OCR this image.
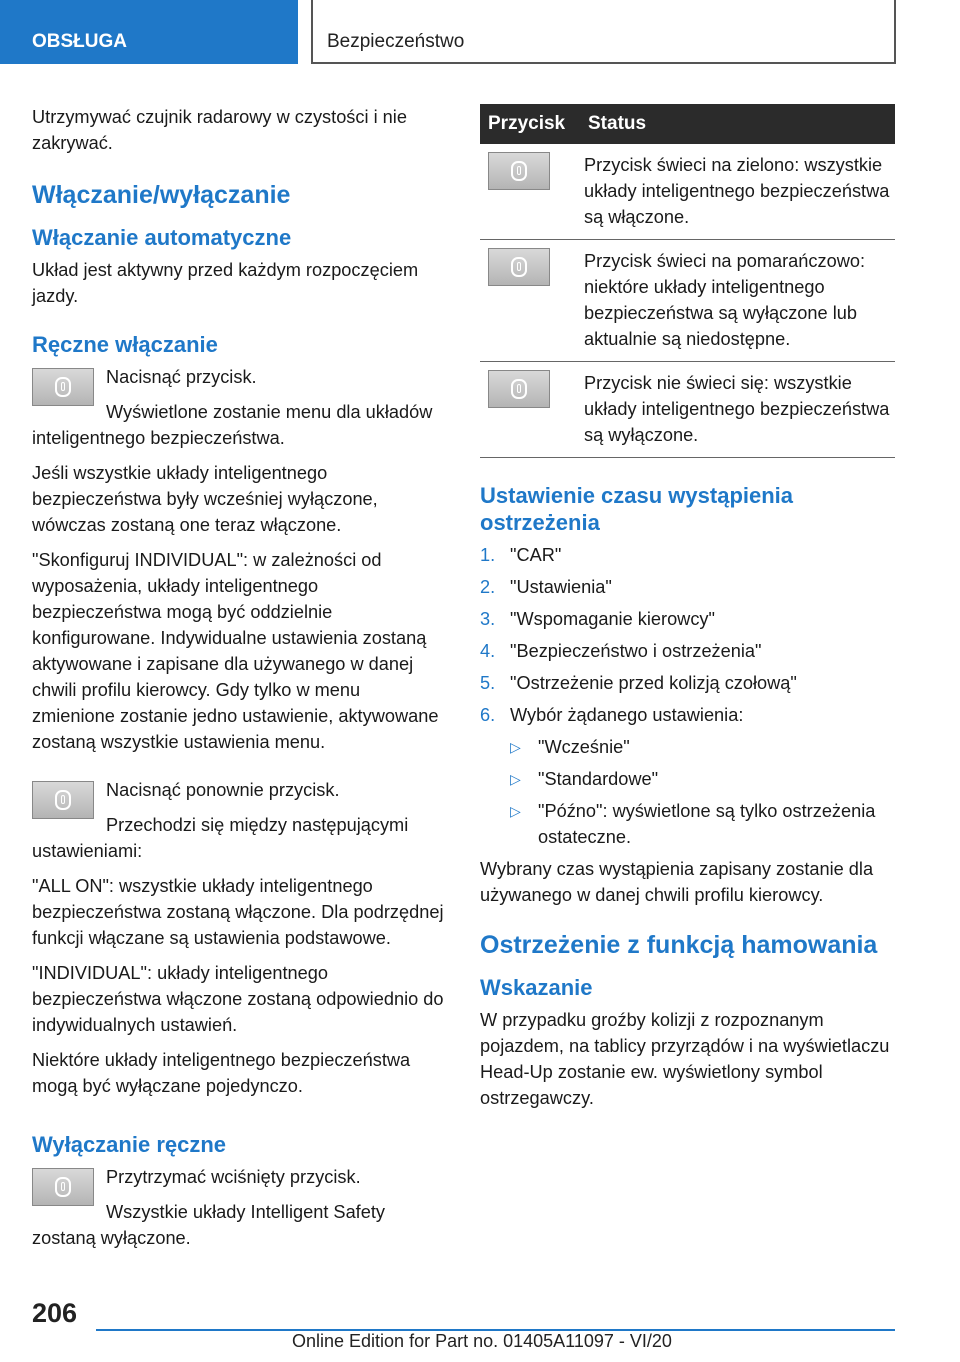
OBSŁUGA	Bezpieczeństwo

Utrzymywać czujnik radarowy w czystości i nie zakrywać.

Włączanie/wyłączanie
Włączanie automatyczne

Układ jest aktywny przed każdym rozpoczęciem jazdy.

Ręczne włączanie

Nacisnąć przycisk.

Wyświetlone zostanie menu dla układów inteligentnego bezpieczeństwa.

Jeśli wszystkie układy inteligentnego bezpieczeństwa były wcześniej wyłączone, wówczas zostaną one teraz włączone.

"Skonfiguruj INDIVIDUAL": w zależności od wyposażenia, układy inteligentnego bezpieczeństwa mogą być oddzielnie konfigurowane. Indywidualne ustawienia zostaną aktywowane i zapisane dla używanego w danej chwili profilu kierowcy. Gdy tylko w menu zmienione zostanie jedno ustawienie, aktywowane zostaną wszystkie ustawienia menu.

Nacisnąć ponownie przycisk.

Przechodzi się między następującymi ustawieniami:

"ALL ON": wszystkie układy inteligentnego bezpieczeństwa zostaną włączone. Dla podrzędnej funkcji włączane są ustawienia podstawowe.

"INDIVIDUAL": układy inteligentnego bezpieczeństwa włączone zostaną odpowiednio do indywidualnych ustawień.

Niektóre układy inteligentnego bezpieczeństwa mogą być wyłączane pojedynczo.

Wyłączanie ręczne

Przytrzymać wciśnięty przycisk.

Wszystkie układy Intelligent Safety zostaną wyłączone.

Przycisk	Status

	Przycisk świeci na zielono: wszystkie układy inteligentnego bezpieczeństwa są włączone.

	Przycisk świeci na pomarańczowo: niektóre układy inteligentnego bezpieczeństwa są wyłączone lub aktualnie są niedostępne.

	Przycisk nie świeci się: wszystkie układy inteligentnego bezpieczeństwa są wyłączone.
Ustawienie czasu wystąpienia ostrzeżenia
1. "CAR"
2. "Ustawienia"
3. "Wspomaganie kierowcy"
4. "Bezpieczeństwo i ostrzeżenia"
5. "Ostrzeżenie przed kolizją czołową"
6. Wybór żądanego ustawienia:
▷ "Wcześnie"
▷ "Standardowe"
▷ "Późno": wyświetlone są tylko ostrzeżenia ostateczne.

Wybrany czas wystąpienia zapisany zostanie dla używanego w danej chwili profilu kierowcy.

Ostrzeżenie z funkcją hamowania
Wskazanie

W przypadku groźby kolizji z rozpoznanym pojazdem, na tablicy przyrządów i na wyświetlaczu Head-Up zostanie ew. wyświetlony symbol ostrzegawczy.

206
Online Edition for Part no. 01405A11097 - VI/20
